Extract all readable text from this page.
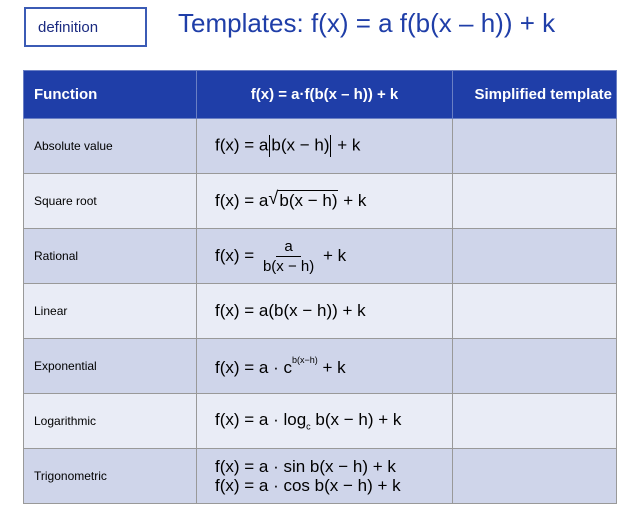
definition	Templates: f(x) = a f(b(x – h)) + k
Function	f(x) = a·f(b(x – h)) + k	Simplified template
Absolute value	f(x) = a b(x − h) + k	
Square root	f(x) = a √ b(x − h) + k	
Rational	$f(x) = \frac{a}{b(x - h)} + k$	
Linear	f(x) = a(b(x − h)) + k	
Exponential	$f(x) = a \cdot c^{b(x-h)} + k$	
Logarithmic	$f(x) = a \cdot \log_c b(x - h) + k$	
Trigonometric	f(x) = a · sin b(x − h) + k
f(x) = a · cos b(x − h) + k	
